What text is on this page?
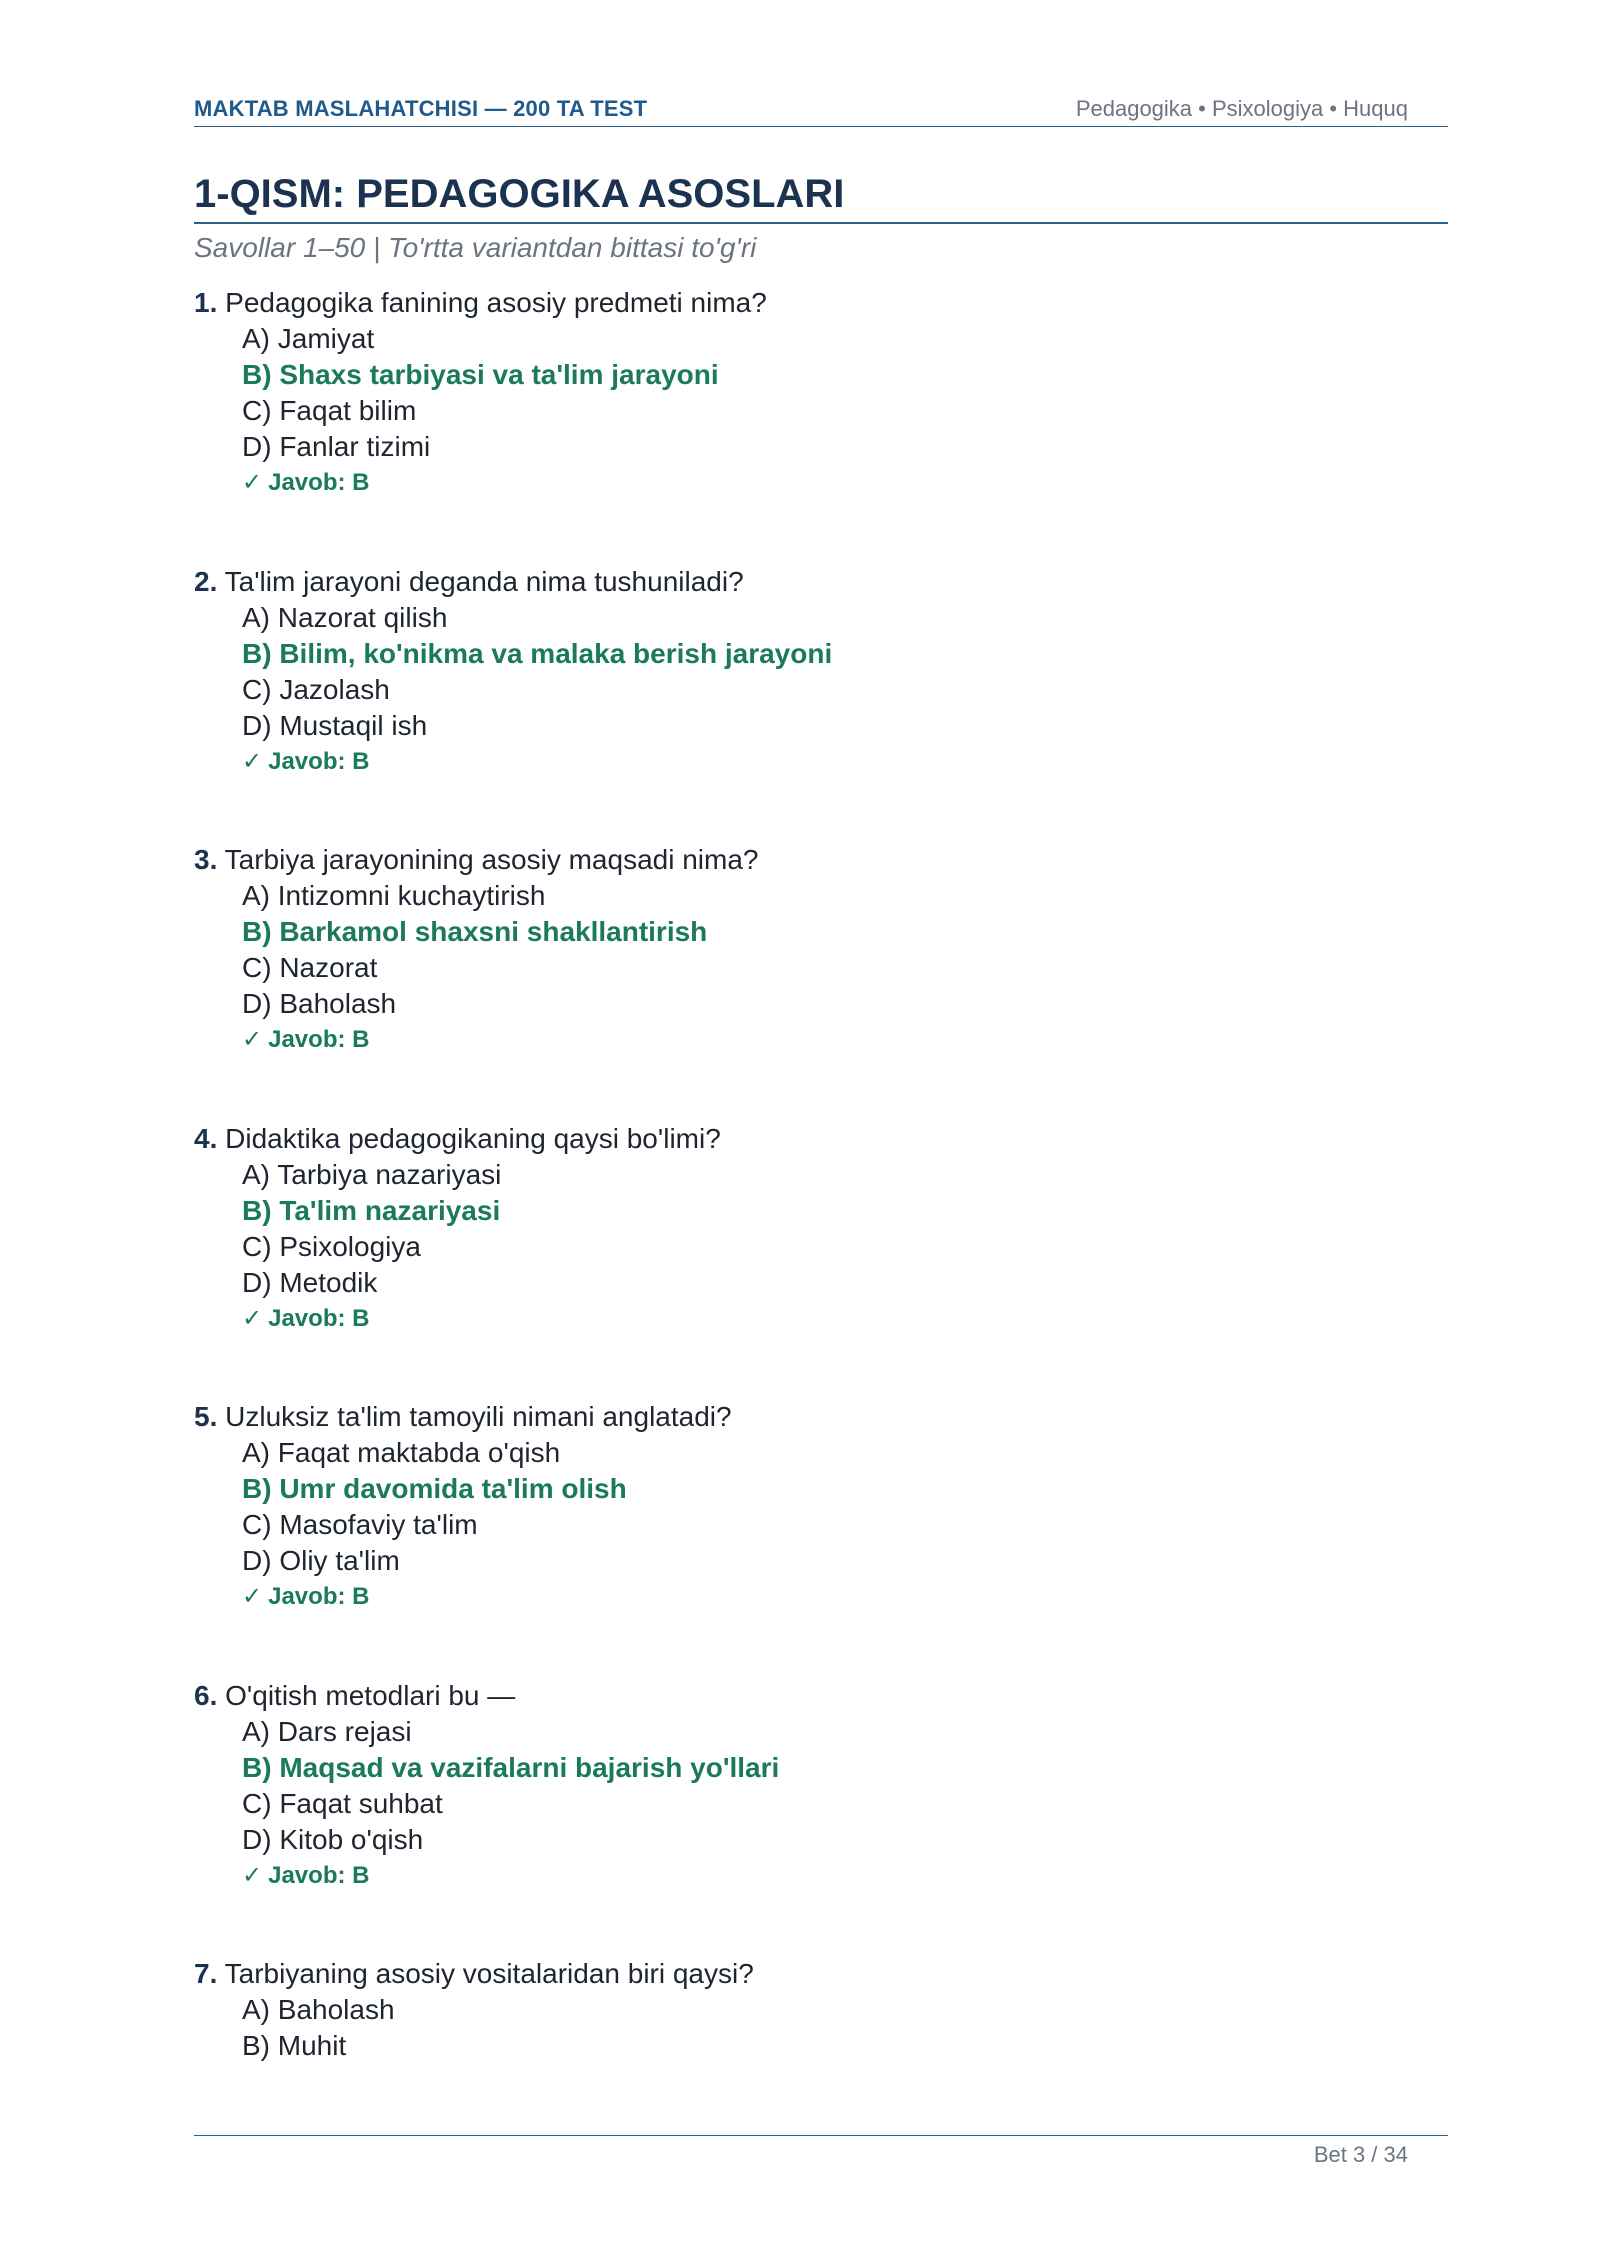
MAKTAB MASLAHATCHISI — 200 TA TEST	Pedagogika • Psixologiya • Huquq
1-QISM: PEDAGOGIKA ASOSLARI
Savollar 1–50 | To'rtta variantdan bittasi to'g'ri
1. Pedagogika fanining asosiy predmeti nima?
A) Jamiyat
B) Shaxs tarbiyasi va ta'lim jarayoni
C) Faqat bilim
D) Fanlar tizimi
✓ Javob: B
2. Ta'lim jarayoni deganda nima tushuniladi?
A) Nazorat qilish
B) Bilim, ko'nikma va malaka berish jarayoni
C) Jazolash
D) Mustaqil ish
✓ Javob: B
3. Tarbiya jarayonining asosiy maqsadi nima?
A) Intizomni kuchaytirish
B) Barkamol shaxsni shakllantirish
C) Nazorat
D) Baholash
✓ Javob: B
4. Didaktika pedagogikaning qaysi bo'limi?
A) Tarbiya nazariyasi
B) Ta'lim nazariyasi
C) Psixologiya
D) Metodik
✓ Javob: B
5. Uzluksiz ta'lim tamoyili nimani anglatadi?
A) Faqat maktabda o'qish
B) Umr davomida ta'lim olish
C) Masofaviy ta'lim
D) Oliy ta'lim
✓ Javob: B
6. O'qitish metodlari bu —
A) Dars rejasi
B) Maqsad va vazifalarni bajarish yo'llari
C) Faqat suhbat
D) Kitob o'qish
✓ Javob: B
7. Tarbiyaning asosiy vositalaridan biri qaysi?
A) Baholash
B) Muhit
Bet 3 / 34
